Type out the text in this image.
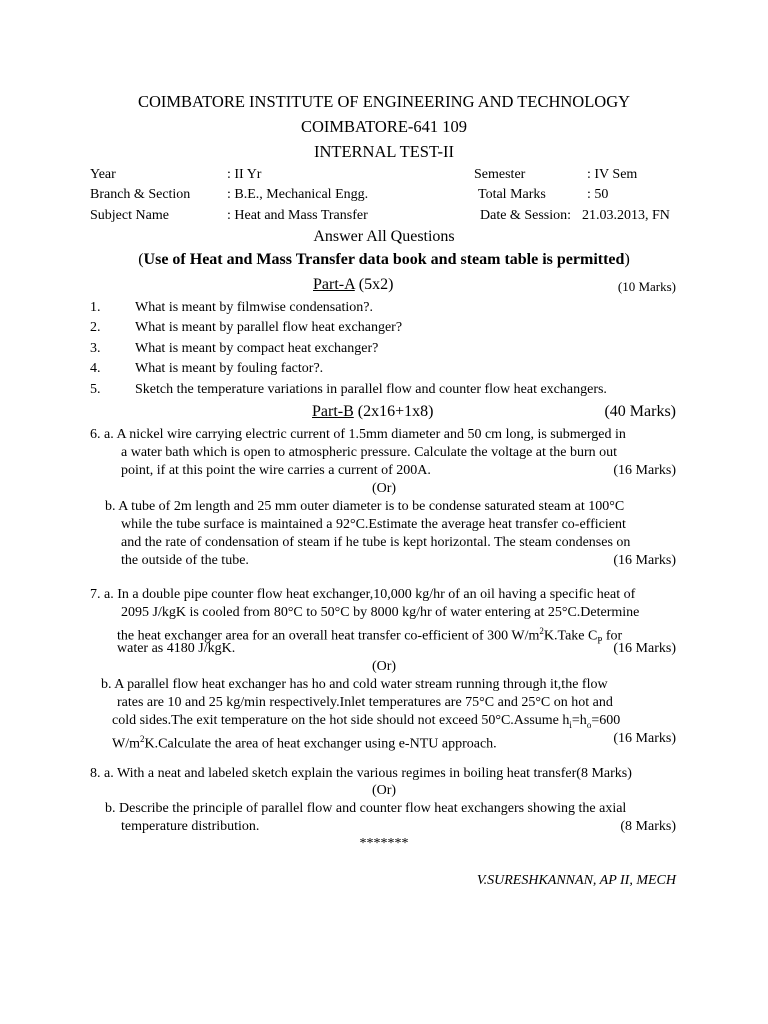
COIMBATORE INSTITUTE OF ENGINEERING AND TECHNOLOGY
COIMBATORE-641 109
INTERNAL TEST-II
Year	: II Yr	Semester	: IV Sem
Branch & Section	: B.E., Mechanical Engg.	Total Marks	: 50
Subject Name	: Heat and Mass Transfer	Date & Session: 21.03.2013, FN
Answer All Questions
(Use of Heat and Mass Transfer data book and steam table is permitted)
Part-A (5x2)	(10 Marks)
1. What is meant by filmwise condensation?.
2. What is meant by parallel flow heat exchanger?
3. What is meant by compact heat exchanger?
4. What is meant by fouling factor?.
5. Sketch the temperature variations in parallel flow and counter flow heat exchangers.
Part-B (2x16+1x8)	(40 Marks)
6. a. A nickel wire carrying electric current of 1.5mm diameter and 50 cm long, is submerged in
a water bath which is open to atmospheric pressure. Calculate the voltage at the burn out
point, if at this point the wire carries a current of 200A.	(16 Marks)
(Or)
b. A tube of 2m length and 25 mm outer diameter is to be condense saturated steam at 100°C
while the tube surface is maintained a 92°C.Estimate the average heat transfer co-efficient
and the rate of condensation of steam if he tube is kept horizontal. The steam condenses on
the outside of the tube.	(16 Marks)
7. a. In a double pipe counter flow heat exchanger,10,000 kg/hr of an oil having a specific heat of
2095 J/kgK is cooled from 80°C to 50°C by 8000 kg/hr of water entering at 25°C.Determine
the heat exchanger area for an overall heat transfer co-efficient of 300 $W/m^2K.Take$ $C_P$ for
water as 4180 J/kgK.	(16 Marks)
(Or)
b. A parallel flow heat exchanger has ho and cold water stream running through it,the flow
rates are 10 and 25 kg/min respectively.Inlet temperatures are 75°C and 25°C on hot and
cold sides.The exit temperature on the hot side should not exceed 50°C.Assume $h_i=h_o=600$
$W/m^2K.Calculate$ the area of heat exchanger using e-NTU approach.	(16 Marks)
8. a. With a neat and labeled sketch explain the various regimes in boiling heat transfer(8 Marks)
(Or)
b. Describe the principle of parallel flow and counter flow heat exchangers showing the axial
temperature distribution.	(8 Marks)
*******
V.SURESHKANNAN, AP II, MECH
